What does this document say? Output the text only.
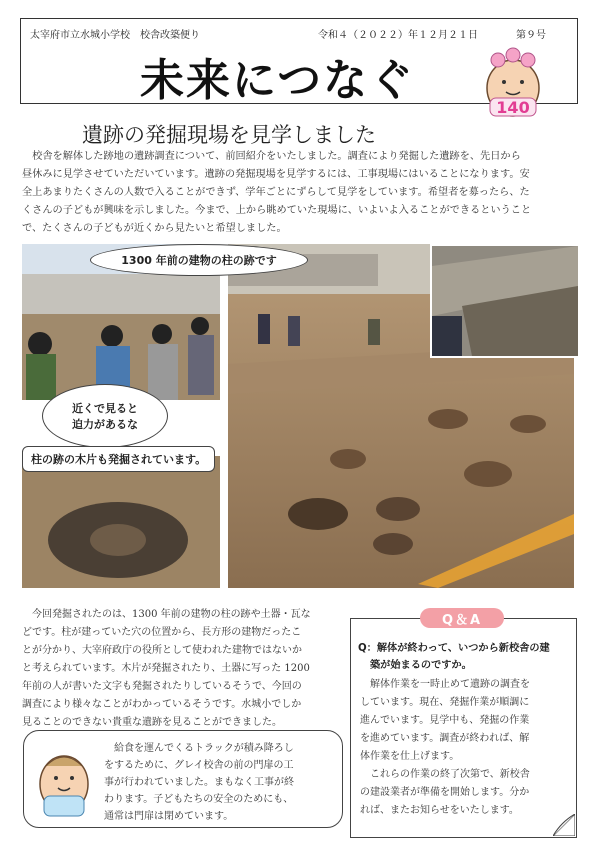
太宰府市立水城小学校　校舎改築便り	令和４（２０２２）年１２月２１日	第９号
未来につなぐ
140
遺跡の発掘現場を見学しました
　校舎を解体した跡地の遺跡調査について、前回紹介をいたしました。調査により発掘した遺跡を、先日から
昼休みに見学させていただいています。遺跡の発掘現場を見学するには、工事現場にはいることになります。安
全上あまりたくさんの人数で入ることができず、学年ごとにずらして見学をしています。希望者を募ったら、た
くさんの子どもが興味を示しました。今まで、上から眺めていた現場に、いよいよ入ることができるということ
で、たくさんの子どもが近くから見たいと希望しました。
1300 年前の建物の柱の跡です
近くで見ると
迫力があるな
柱の跡の木片も発掘されています。
　今回発掘されたのは、1300 年前の建物の柱の跡や土器・瓦な
どです。柱が建っていた穴の位置から、長方形の建物だったこ
とが分かり、大宰府政庁の役所として使われた建物ではないか
と考えられています。木片が発掘されたり、土器に写った 1200
年前の人が書いた文字も発掘されたりしているそうで、今回の
調査により様々なことがわかっているそうです。水城小でしか
見ることのできない貴重な遺跡を見ることができました。
　給食を運んでくるトラックが積み降ろし
をするために、グレイ校舎の前の門扉の工
事が行われていました。まもなく工事が終
わります。子どもたちの安全のためにも、
通常は門扉は閉めています。
Q＆A
Q：解体が終わって、いつから新校舎の建
築が始まるのですか。
　解体作業を一時止めて遺跡の調査を
しています。現在、発掘作業が順調に
進んでいます。見学中も、発掘の作業
を進めています。調査が終われば、解
体作業を仕上げます。
　これらの作業の終了次第で、新校舎
の建設業者が準備を開始します。分か
れば、またお知らせをいたします。
